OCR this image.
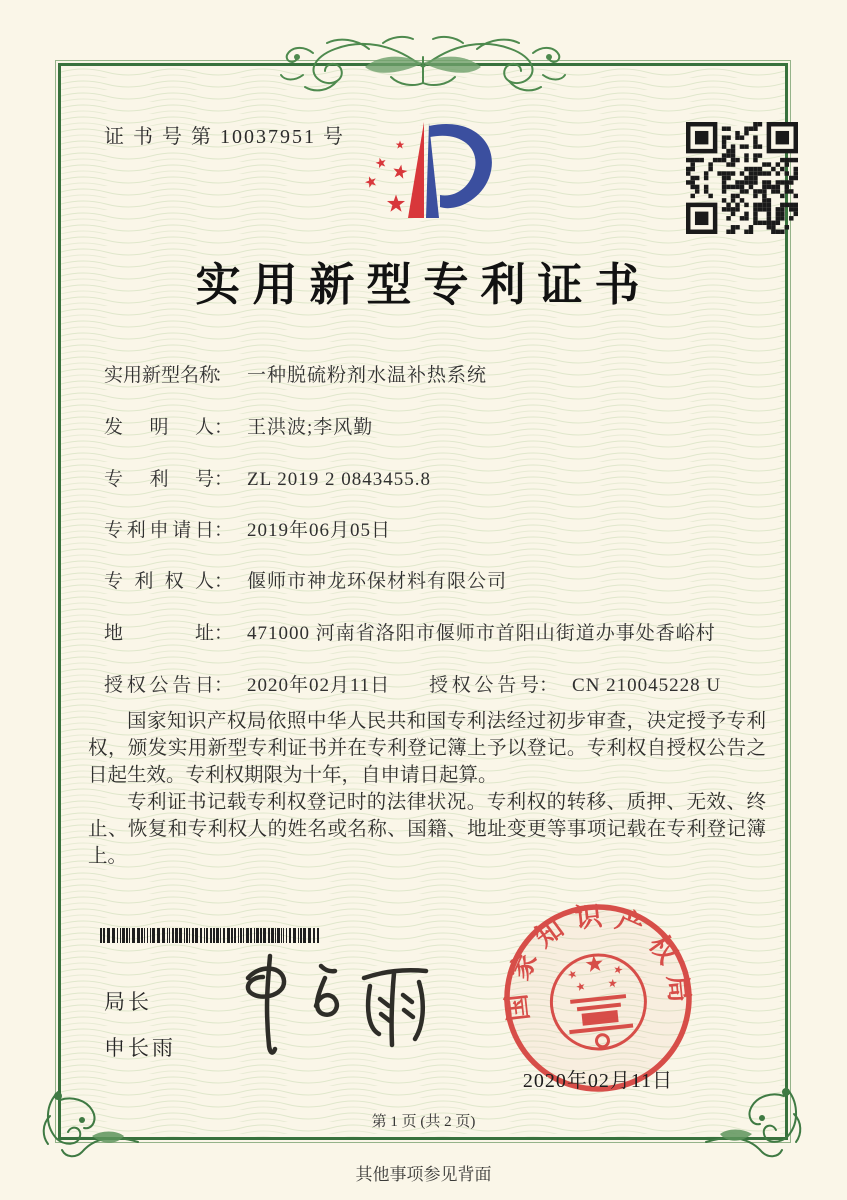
证 书 号 第 10037951 号
实用新型专利证书
实用新型名称： 一种脱硫粉剂水温补热系统
发明人： 王洪波;李风勤
专利号： ZL 2019 2 0843455.8
专利申请日： 2019年06月05日
专利权人： 偃师市神龙环保材料有限公司
地址： 471000 河南省洛阳市偃师市首阳山街道办事处香峪村
授权公告日： 2020年02月11日 授权公告号： CN 210045228 U

国家知识产权局依照中华人民共和国专利法经过初步审查，决定授予专利权，颁发实用新型专利证书并在专利登记簿上予以登记。专利权自授权公告之日起生效。专利权期限为十年，自申请日起算。

专利证书记载专利权登记时的法律状况。专利权的转移、质押、无效、终止、恢复和专利权人的姓名或名称、国籍、地址变更等事项记载在专利登记簿上。

局长
申长雨
国 家 知 识 产 权 局
2020年02月11日
第 1 页 (共 2 页)
其他事项参见背面
